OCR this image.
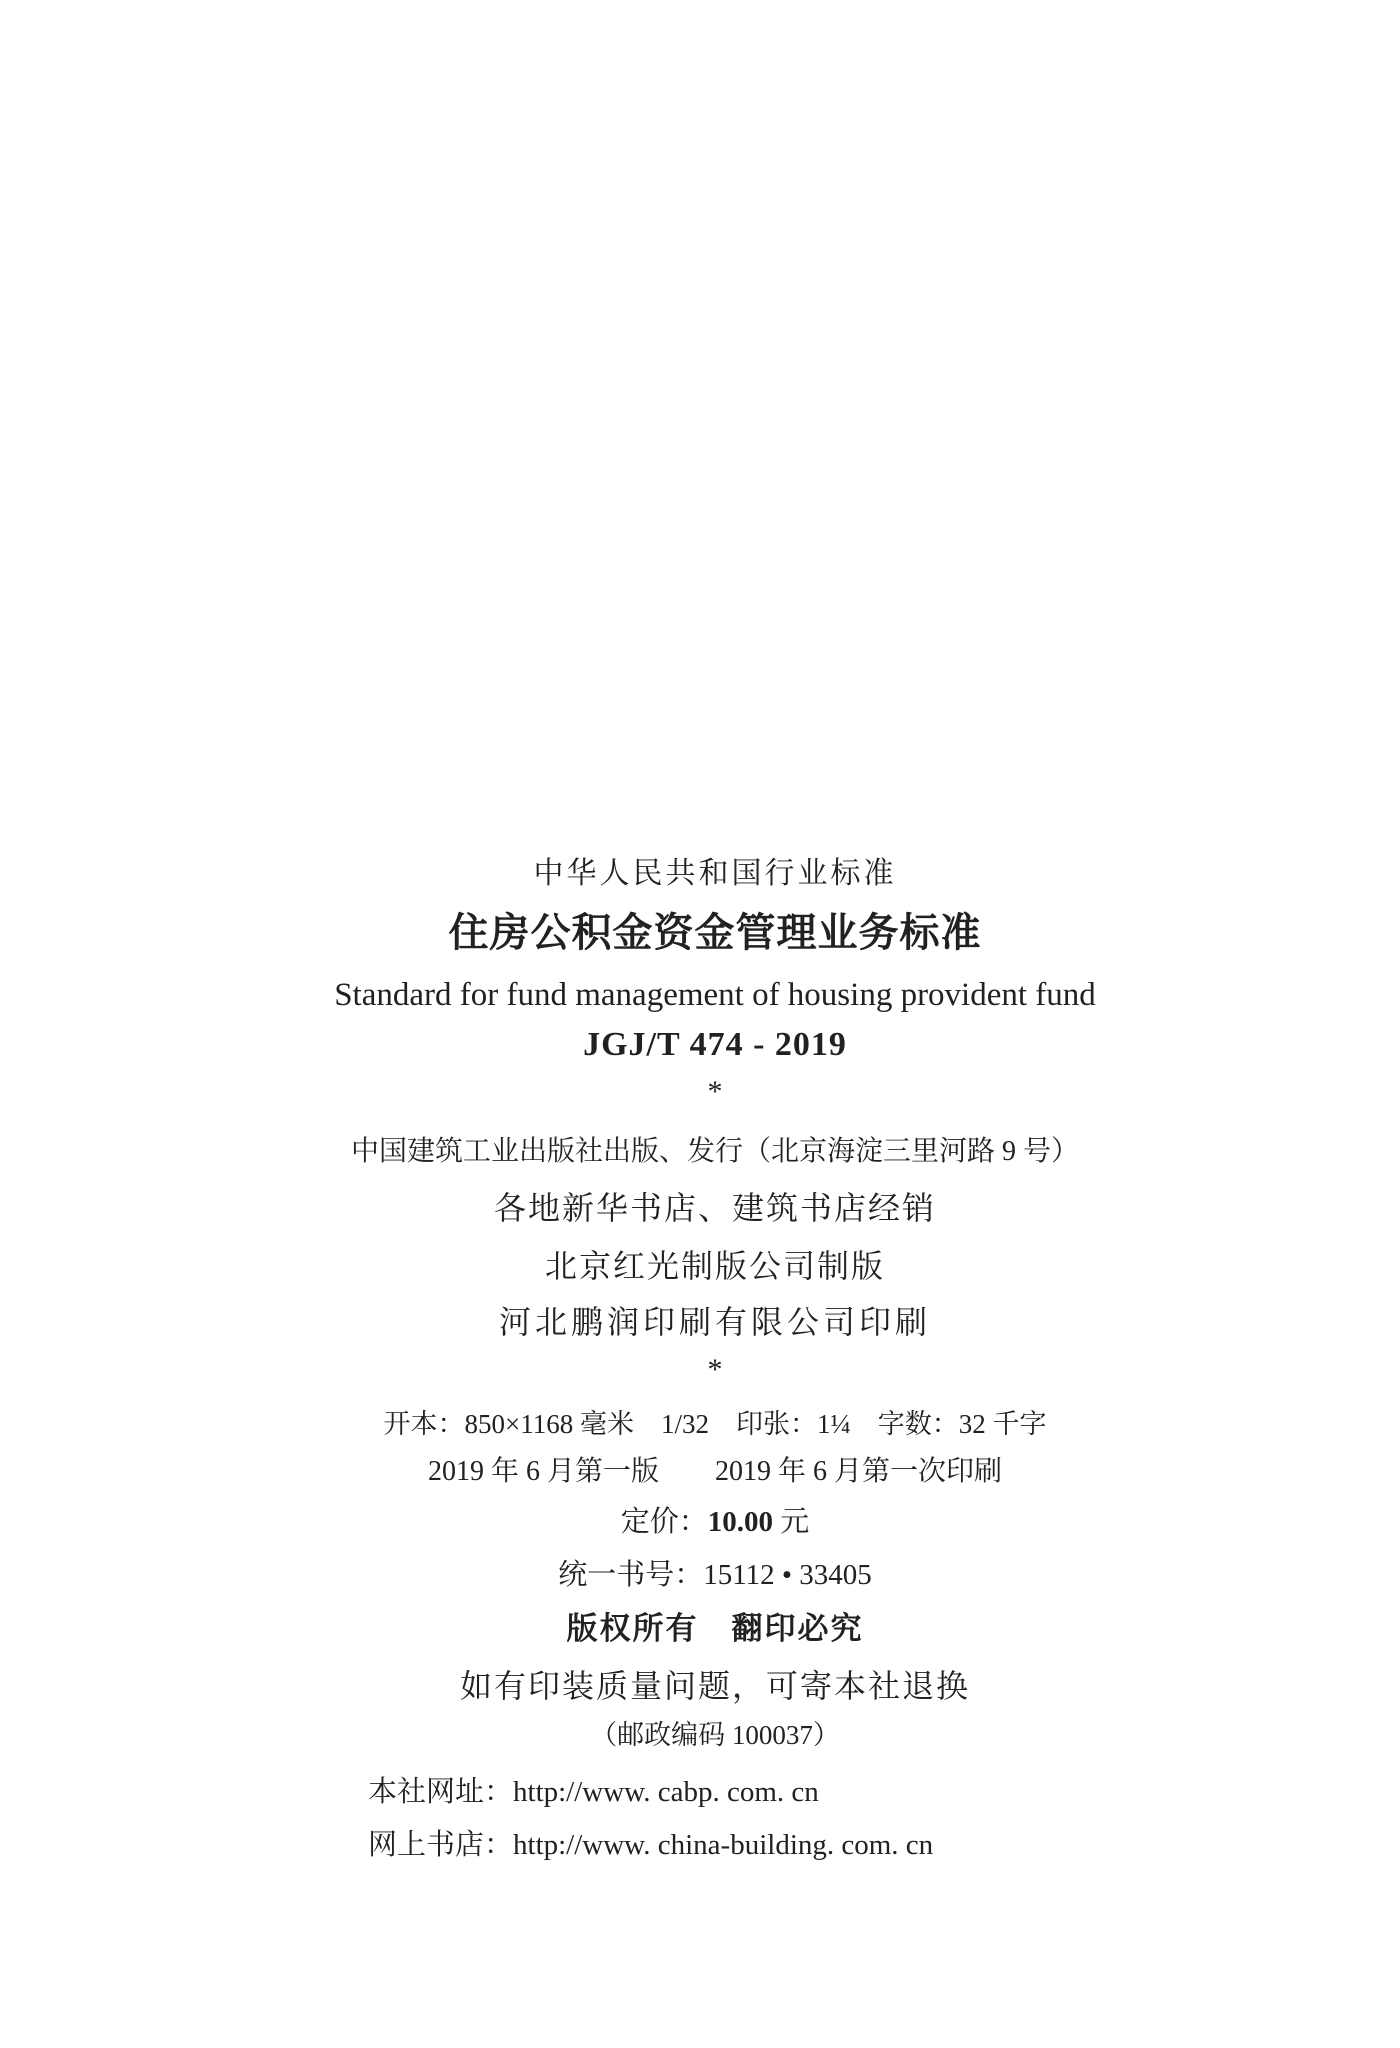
中华人民共和国行业标准
住房公积金资金管理业务标准
Standard for fund management of housing provident fund
JGJ/T 474 - 2019
*
中国建筑工业出版社出版、发行（北京海淀三里河路 9 号）
各地新华书店、建筑书店经销
北京红光制版公司制版
河北鹏润印刷有限公司印刷
*
开本：850×1168 毫米　1/32　印张：1¼　字数：32 千字
2019 年 6 月第一版　　2019 年 6 月第一次印刷
定价：10.00 元
统一书号：15112 • 33405
版权所有　翻印必究
如有印装质量问题，可寄本社退换
（邮政编码 100037）
本社网址：http://www. cabp. com. cn
网上书店：http://www. china-building. com. cn
